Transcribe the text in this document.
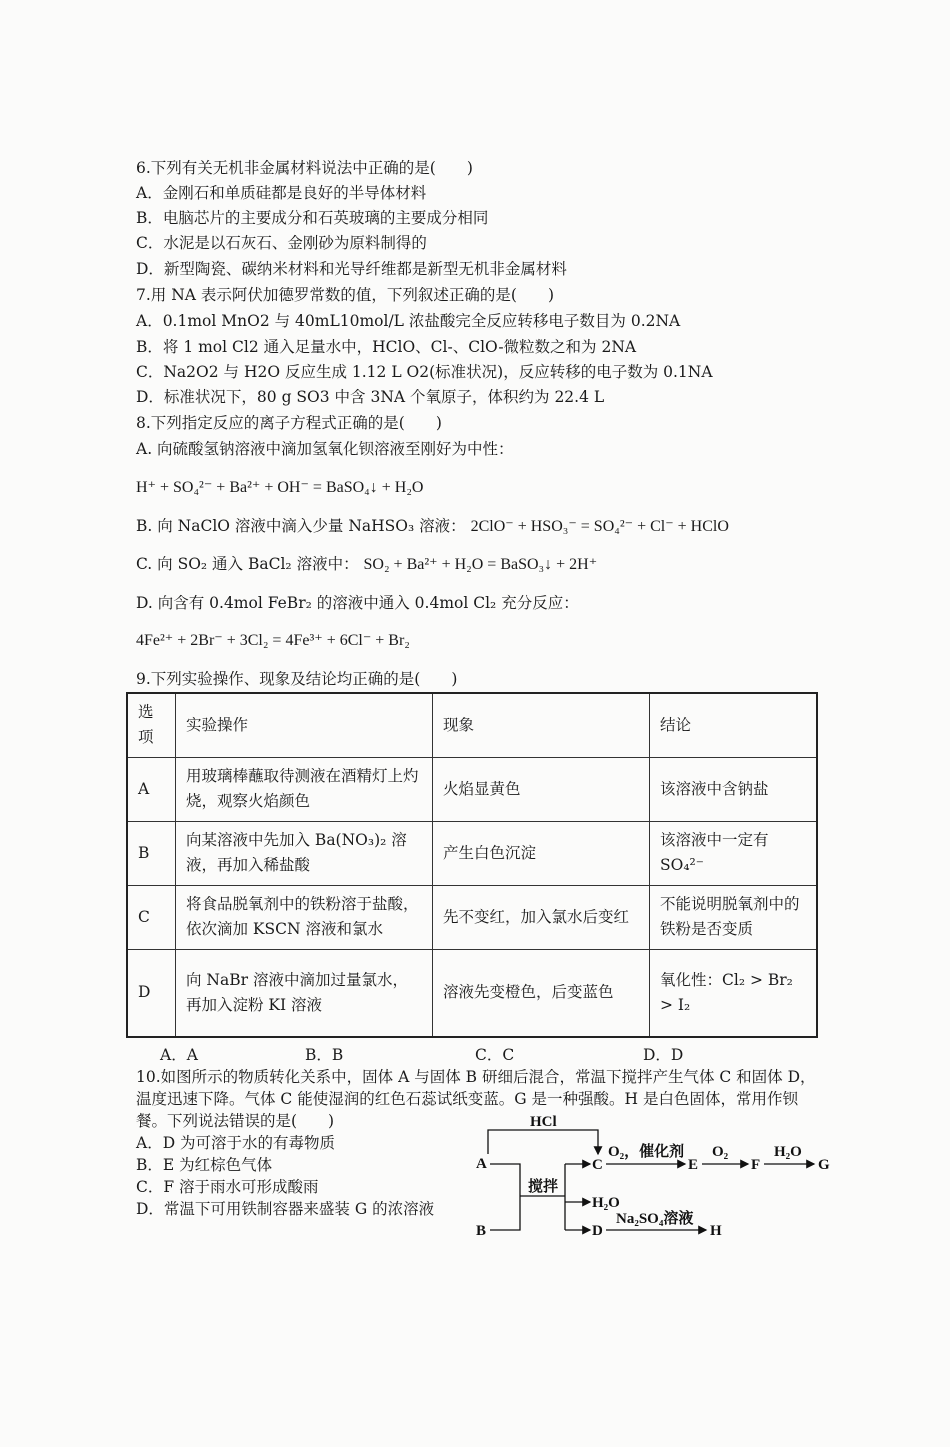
6.下列有关无机非金属材料说法中正确的是(　　)
A．金刚石和单质硅都是良好的半导体材料
B．电脑芯片的主要成分和石英玻璃的主要成分相同
C．水泥是以石灰石、金刚砂为原料制得的
D．新型陶瓷、碳纳米材料和光导纤维都是新型无机非金属材料
7.用 NA 表示阿伏加德罗常数的值，下列叙述正确的是(　　)
A．0.1mol MnO2 与 40mL10mol/L 浓盐酸完全反应转移电子数目为 0.2NA
B．将 1 mol Cl2 通入足量水中，HClO、Cl-、ClO-微粒数之和为 2NA
C．Na2O2 与 H2O 反应生成 1.12 L O2(标准状况)，反应转移的电子数为 0.1NA
D．标准状况下，80 g SO3 中含 3NA 个氧原子，体积约为 22.4 L
8.下列指定反应的离子方程式正确的是(　　)
A. 向硫酸氢钠溶液中滴加氢氧化钡溶液至刚好为中性：
H⁺ + SO₄²⁻ + Ba²⁺ + OH⁻ = BaSO₄↓ + H₂O
B. 向 NaClO 溶液中滴入少量 NaHSO₃ 溶液： 2ClO⁻ + HSO₃⁻ = SO₄²⁻ + Cl⁻ + HClO
C. 向 SO₂ 通入 BaCl₂ 溶液中： SO₂ + Ba²⁺ + H₂O = BaSO₃↓ + 2H⁺
D. 向含有 0.4mol FeBr₂ 的溶液中通入 0.4mol Cl₂ 充分反应：
4Fe²⁺ + 2Br⁻ + 3Cl₂ = 4Fe³⁺ + 6Cl⁻ + Br₂
9.下列实验操作、现象及结论均正确的是(　　)
选项	实验操作	现象	结论
A	用玻璃棒蘸取待测液在酒精灯上灼烧，观察火焰颜色	火焰显黄色	该溶液中含钠盐
B	向某溶液中先加入 Ba(NO₃)₂ 溶液，再加入稀盐酸	产生白色沉淀	该溶液中一定有 SO₄²⁻
C	将食品脱氧剂中的铁粉溶于盐酸，依次滴加 KSCN 溶液和氯水	先不变红，加入氯水后变红	不能说明脱氧剂中的铁粉是否变质
D	向 NaBr 溶液中滴加过量氯水，再加入淀粉 KI 溶液	溶液先变橙色，后变蓝色	氧化性：Cl₂ > Br₂ > I₂
A．A	B．B	C．C	D．D
10.如图所示的物质转化关系中，固体 A 与固体 B 研细后混合，常温下搅拌产生气体 C 和固体 D，温度迅速下降。气体 C 能使湿润的红色石蕊试纸变蓝。G 是一种强酸。H 是白色固体，常用作钡餐。下列说法错误的是(　　)
A．D 为可溶于水的有毒物质
B．E 为红棕色气体
C．F 溶于雨水可形成酸雨
D．常温下可用铁制容器来盛装 G 的浓溶液
HCl
A
B
搅拌
H₂O
C
O₂，催化剂
E
O₂
F
H₂O
G
D
Na₂SO₄溶液
H
